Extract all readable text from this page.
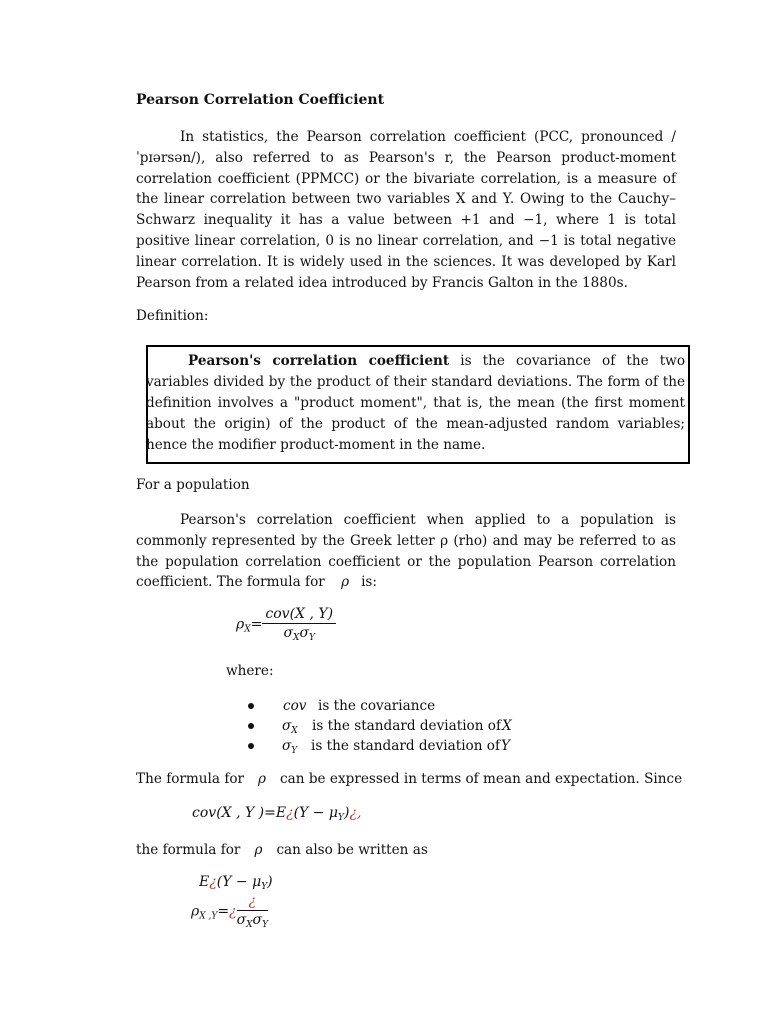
Pearson Correlation Coefficient
In statistics, the Pearson correlation coefficient (PCC, pronounced / ˈpɪərsən/), also referred to as Pearson's r, the Pearson product-moment correlation coefficient (PPMCC) or the bivariate correlation, is a measure of the linear correlation between two variables X and Y. Owing to the Cauchy–Schwarz inequality it has a value between +1 and −1, where 1 is total positive linear correlation, 0 is no linear correlation, and −1 is total negative linear correlation. It is widely used in the sciences. It was developed by Karl Pearson from a related idea introduced by Francis Galton in the 1880s.
Definition:
Pearson's correlation coefficient is the covariance of the two variables divided by the product of their standard deviations. The form of the definition involves a "product moment", that is, the mean (the first moment about the origin) of the product of the mean-adjusted random variables; hence the modifier product-moment in the name.
For a population
Pearson's correlation coefficient when applied to a population is commonly represented by the Greek letter ρ (rho) and may be referred to as the population correlation coefficient or the population Pearson correlation coefficient. The formula for ρ is:
$\rho_X= \frac{\text{cov(X , Y)}}{\sigma_X\sigma_Y}$
where:
cov is the covariance
$\sigma_X$ is the standard deviation of X
$\sigma_Y$ is the standard deviation of Y
The formula for ρ can be expressed in terms of mean and expectation. Since
cov(X , Y )=E¿(Y − $\mu_Y)¿$,
the formula for ρ can also be written as
E¿(Y − $\mu_Y$)
$\rho_{X ,Y}=¿ \frac{¿}{\sigma_X\sigma_Y}$
